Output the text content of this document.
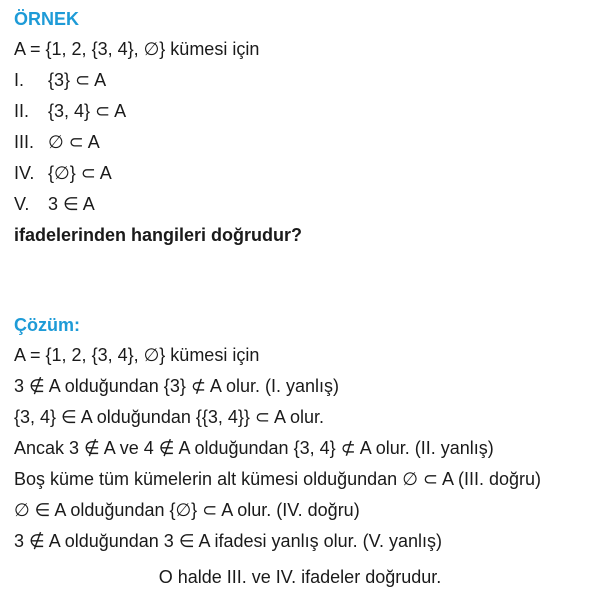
ÖRNEK
A = {1, 2, {3, 4}, ∅} kümesi için
I. {3} ⊂ A
II. {3, 4} ⊂ A
III. ∅ ⊂ A
IV. {∅} ⊂ A
V. 3 ∈ A
ifadelerinden hangileri doğrudur?
Çözüm:
A = {1, 2, {3, 4}, ∅} kümesi için
3 ∉ A olduğundan {3} ⊄ A olur. (I. yanlış)
{3, 4} ∈ A olduğundan {{3, 4}} ⊂ A olur.
Ancak 3 ∉ A ve 4 ∉ A olduğundan {3, 4} ⊄ A olur. (II. yanlış)
Boş küme tüm kümelerin alt kümesi olduğundan ∅ ⊂ A (III. doğru)
∅ ∈ A olduğundan {∅} ⊂ A olur. (IV. doğru)
3 ∉ A olduğundan 3 ∈ A ifadesi yanlış olur. (V. yanlış)
O halde III. ve IV. ifadeler doğrudur.
